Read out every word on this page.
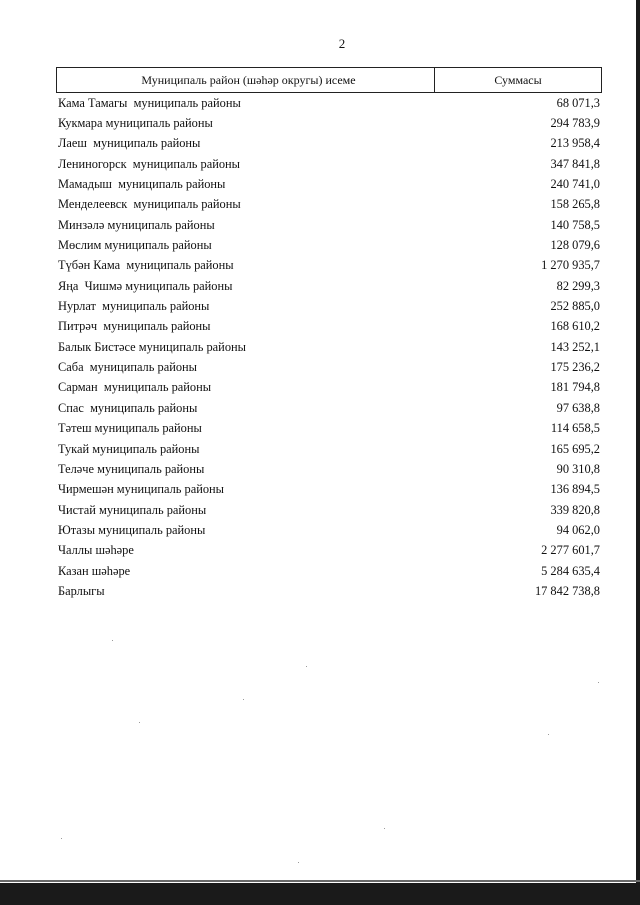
2
Муниципаль район (шәһәр округы) исеме	Суммасы
Кама Тамагы  муниципаль районы	68 071,3
Кукмара муниципаль районы	294 783,9
Лаеш  муниципаль районы	213 958,4
Лениногорск  муниципаль районы	347 841,8
Мамадыш  муниципаль районы	240 741,0
Менделеевск  муниципаль районы	158 265,8
Минзәлә муниципаль районы	140 758,5
Мөслим муниципаль районы	128 079,6
Түбән Кама  муниципаль районы	1 270 935,7
Яңа  Чишмә муниципаль районы	82 299,3
Нурлат  муниципаль районы	252 885,0
Питрәч  муниципаль районы	168 610,2
Балык Бистәсе муниципаль районы	143 252,1
Саба  муниципаль районы	175 236,2
Сарман  муниципаль районы	181 794,8
Спас  муниципаль районы	97 638,8
Тәтеш муниципаль районы	114 658,5
Тукай муниципаль районы	165 695,2
Теләче муниципаль районы	90 310,8
Чирмешән муниципаль районы	136 894,5
Чистай муниципаль районы	339 820,8
Ютазы муниципаль районы	94 062,0
Чаллы шәһәре	2 277 601,7
Казан шәһәре	5 284 635,4
Барлыгы	17 842 738,8
